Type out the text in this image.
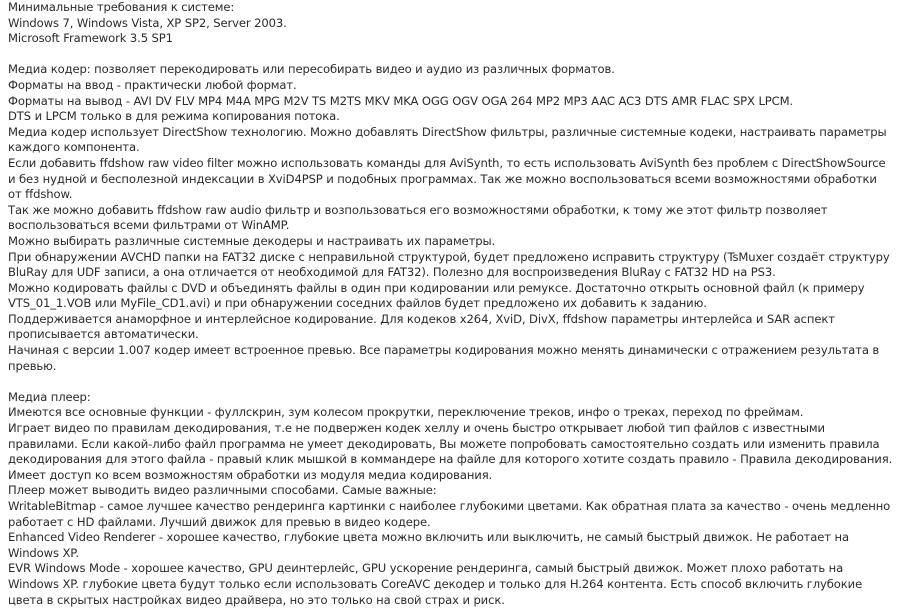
Минимальные требования к системе:

Windows 7, Windows Vista, XP SP2, Server 2003.

Microsoft Framework 3.5 SP1

Медиа кодер: позволяет перекодировать или пересобирать видео и аудио из различных форматов.

Форматы на ввод - практически любой формат.

Форматы на вывод - AVI DV FLV MP4 M4A MPG M2V TS M2TS MKV MKA OGG OGV OGA 264 MP2 MP3 AAC AC3 DTS AMR FLAC SPX LPCM.

DTS и LPCM только в для режима копирования потока.

Медиа кодер использует DirectShow технологию. Можно добавлять DirectShow фильтры, различные системные кодеки, настраивать параметры каждого компонента.

Если добавить ffdshow raw video filter можно использовать команды для AviSynth, то есть использовать AviSynth без проблем с DirectShowSource и без нудной и бесполезной индексации в XviD4PSP и подобных программах. Так же можно воспользоваться всеми возможностями обработки от ffdshow.

Так же можно добавить ffdshow raw audio фильтр и возпользоваться его возможностями обработки, к тому же этот фильтр позволяет воспользоваться всеми фильтрами от WinAMP.

Можно выбирать различные системные декодеры и настраивать их параметры.

При обнаружении AVCHD папки на FAT32 диске с неправильной структурой, будет предложено исправить структуру (TsMuxer создаёт структуру BluRay для UDF записи, а она отличается от необходимой для FAT32). Полезно для воспроизведения BluRay с FAT32 HD на PS3.

Можно кодировать файлы с DVD и объединять файлы в один при кодировании или ремуксе. Достаточно открыть основной файл (к примеру VTS_01_1.VOB или MyFile_CD1.avi) и при обнаружении соседних файлов будет предложено их добавить к заданию.

Поддерживается анаморфное и интерлейсное кодирование. Для кодеков x264, XviD, DivX, ffdshow параметры интерлейса и SAR аспект прописывается автоматически.

Начиная с версии 1.007 кодер имеет встроенное превью. Все параметры кодирования можно менять динамически с отражением результата в превью.

Медиа плеер:

Имеются все основные функции - фуллскрин, зум колесом прокрутки, переключение треков, инфо о треках, переход по фреймам.

Играет видео по правилам декодирования, т.е не подвержен кодек хеллу и очень быстро открывает любой тип файлов с известными правилами. Если какой-либо файл программа не умеет декодировать, Вы можете попробовать самостоятельно создать или изменить правила декодирования для этого файла - правый клик мышкой в коммандере на файле для которого хотите создать правило - Правила декодирования.

Имеет доступ ко всем возможностям обработки из модуля медиа кодирования.

Плеер может выводить видео различными способами. Самые важные:

WritableBitmap - самое лучшее качество рендеринга картинки с наиболее глубокими цветами. Как обратная плата за качество - очень медленно работает с HD файлами. Лучший движок для превью в видео кодере.

Enhanced Video Renderer - хорошее качество, глубокие цвета можно включить или выключить, не самый быстрый движок. Не работает на Windows XP.

EVR Windows Mode - хорошее качество, GPU деинтерлейс, GPU ускорение рендеринга, самый быстрый движок. Может плохо работать на Windows XP. глубокие цвета будут только если использовать CoreAVC декодер и только для H.264 контента. Есть способ включить глубокие цвета в скрытых настройках видео драйвера, но это только на свой страх и риск.
